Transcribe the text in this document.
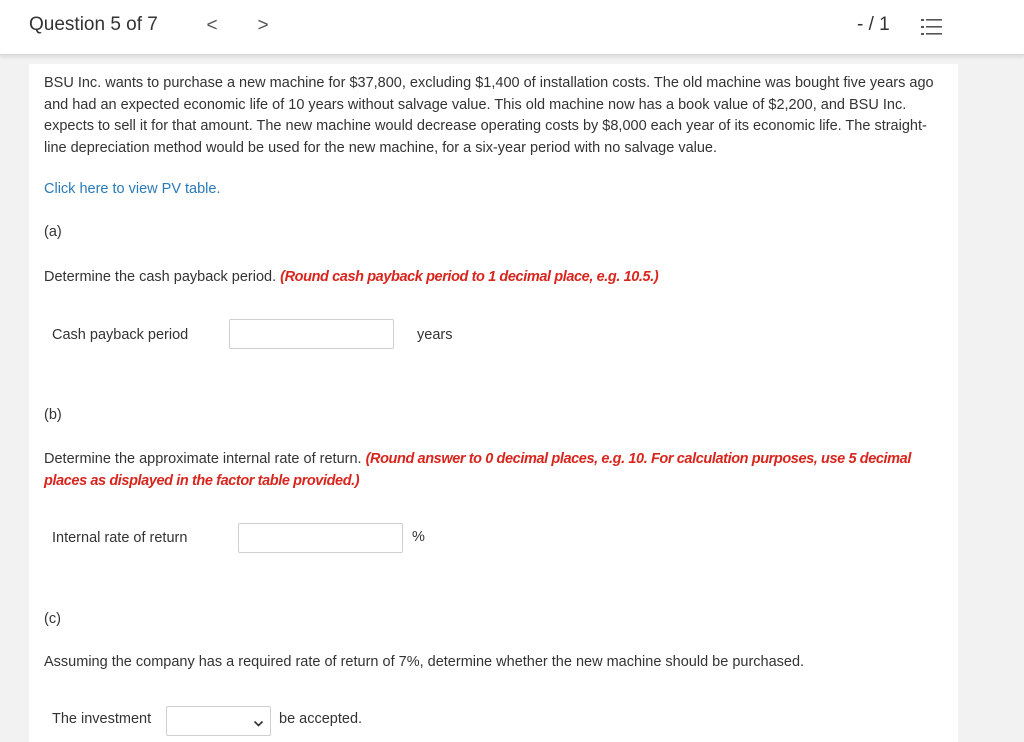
Question 5 of 7	< >	- / 1
BSU Inc. wants to purchase a new machine for $37,800, excluding $1,400 of installation costs. The old machine was bought five years ago and had an expected economic life of 10 years without salvage value. This old machine now has a book value of $2,200, and BSU Inc. expects to sell it for that amount. The new machine would decrease operating costs by $8,000 each year of its economic life. The straight-line depreciation method would be used for the new machine, for a six-year period with no salvage value.
Click here to view PV table.
(a)
Determine the cash payback period. (Round cash payback period to 1 decimal place, e.g. 10.5.)
Cash payback period	years
(b)
Determine the approximate internal rate of return. (Round answer to 0 decimal places, e.g. 10. For calculation purposes, use 5 decimal places as displayed in the factor table provided.)
Internal rate of return	%
(c)
Assuming the company has a required rate of return of 7%, determine whether the new machine should be purchased.
The investment	be accepted.
